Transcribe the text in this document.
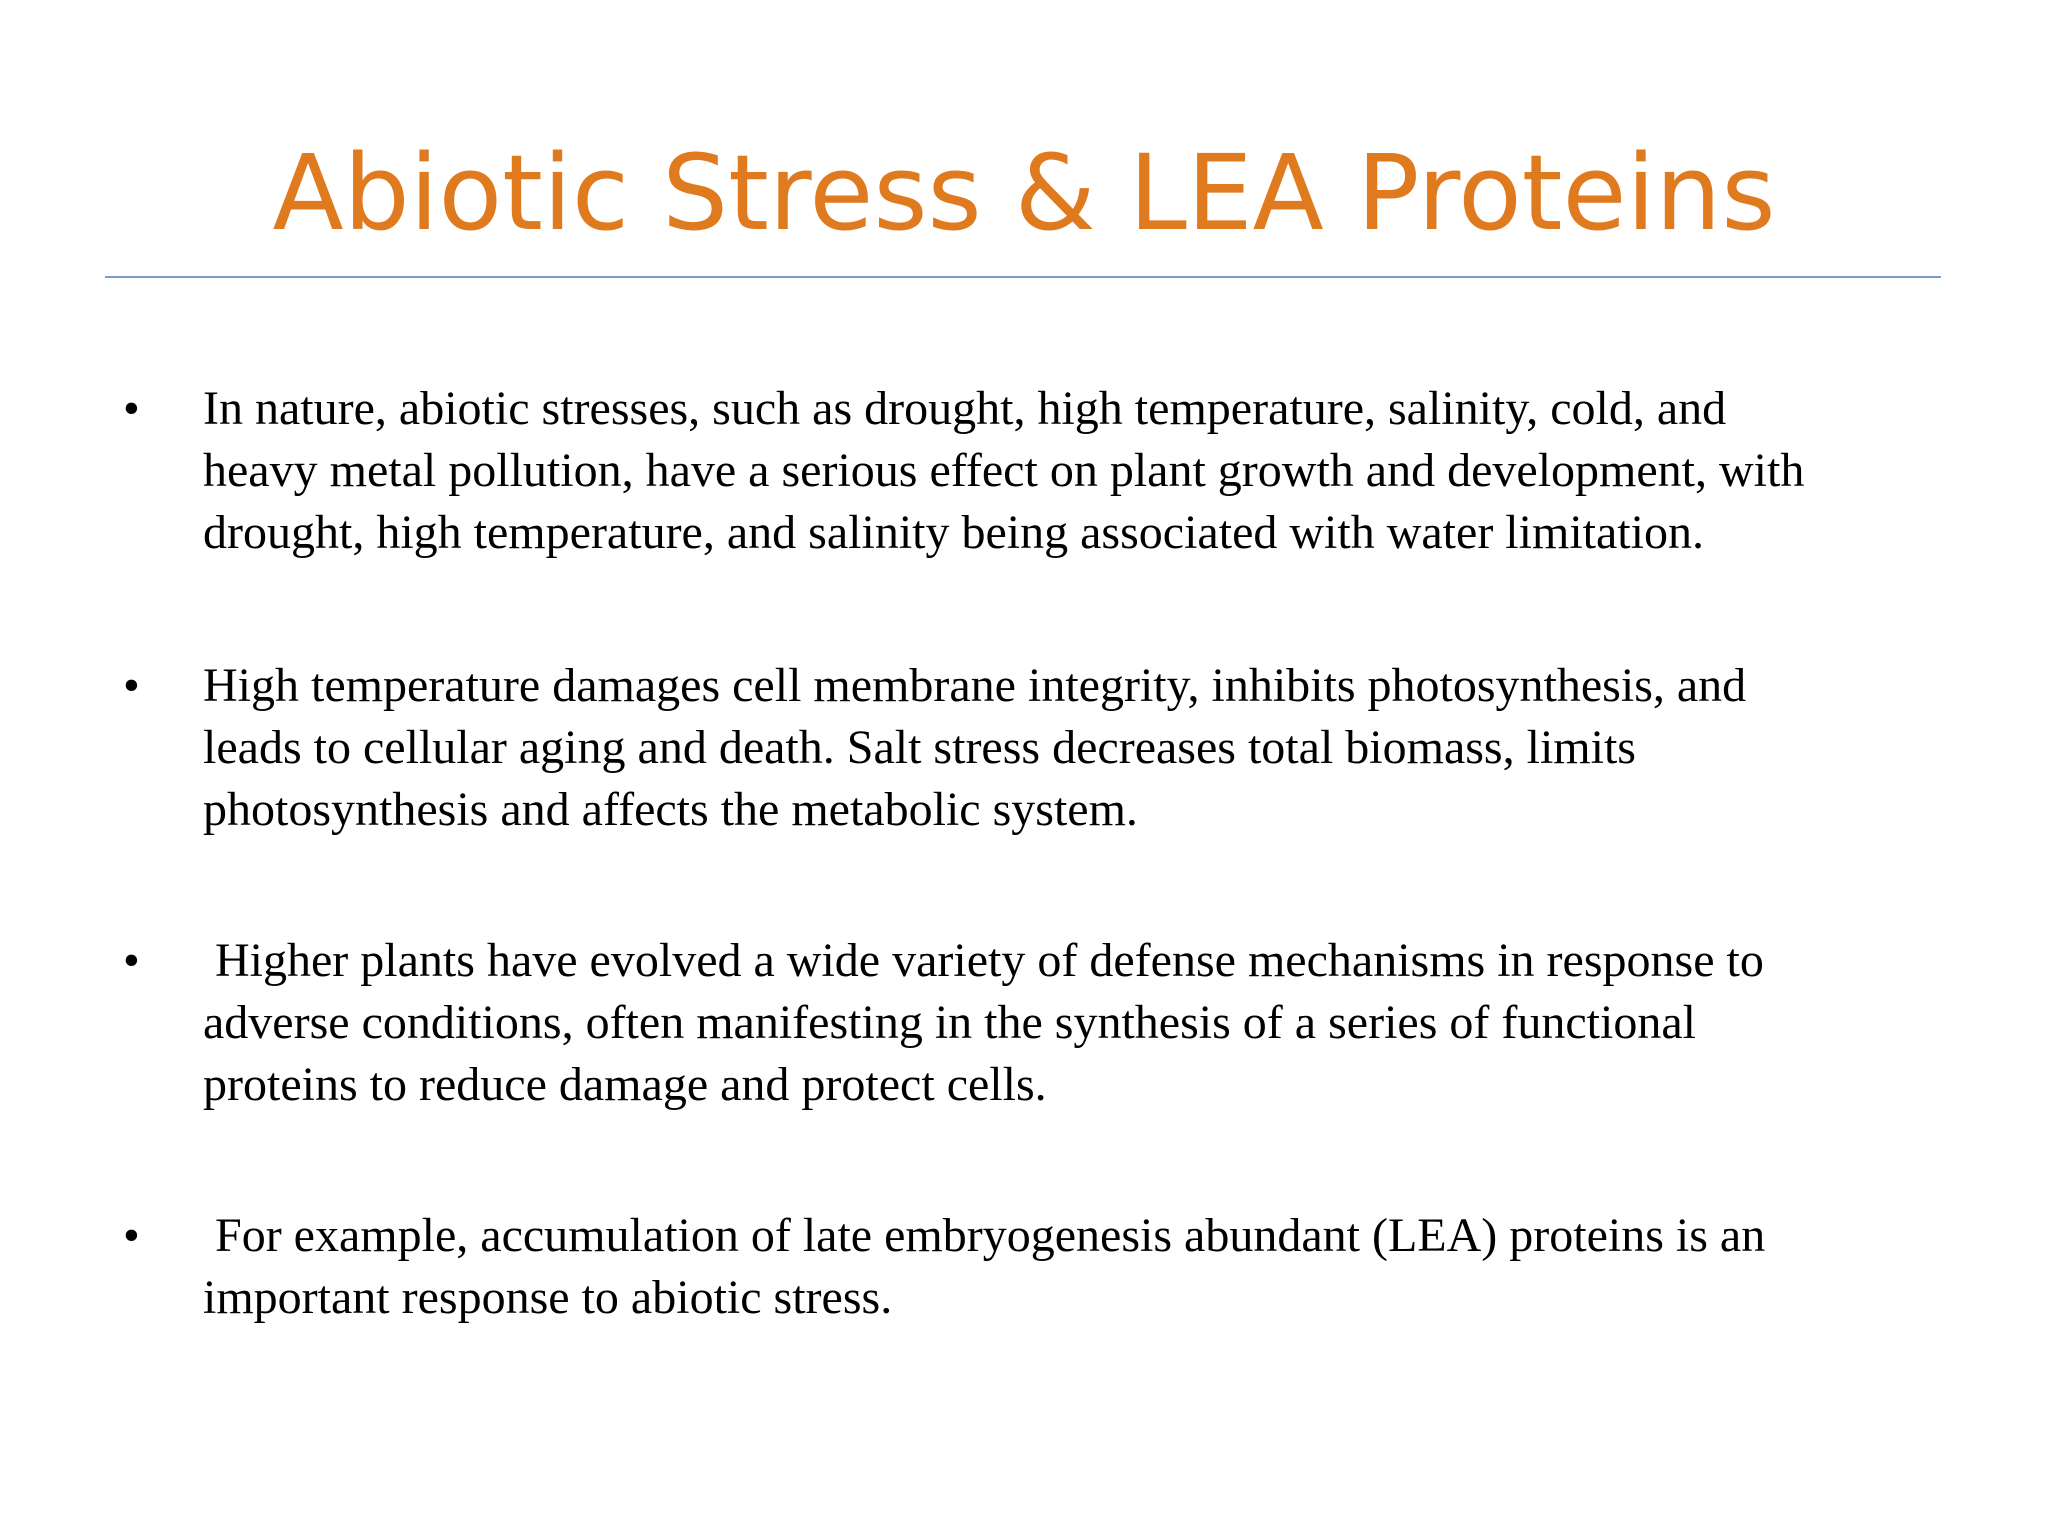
Abiotic Stress & LEA Proteins
• In nature, abiotic stresses, such as drought, high temperature, salinity, cold, and
heavy metal pollution, have a serious effect on plant growth and development, with
drought, high temperature, and salinity being associated with water limitation.
• High temperature damages cell membrane integrity, inhibits photosynthesis, and
leads to cellular aging and death. Salt stress decreases total biomass, limits
photosynthesis and affects the metabolic system.
• Higher plants have evolved a wide variety of defense mechanisms in response to
adverse conditions, often manifesting in the synthesis of a series of functional
proteins to reduce damage and protect cells.
• For example, accumulation of late embryogenesis abundant (LEA) proteins is an
important response to abiotic stress.
